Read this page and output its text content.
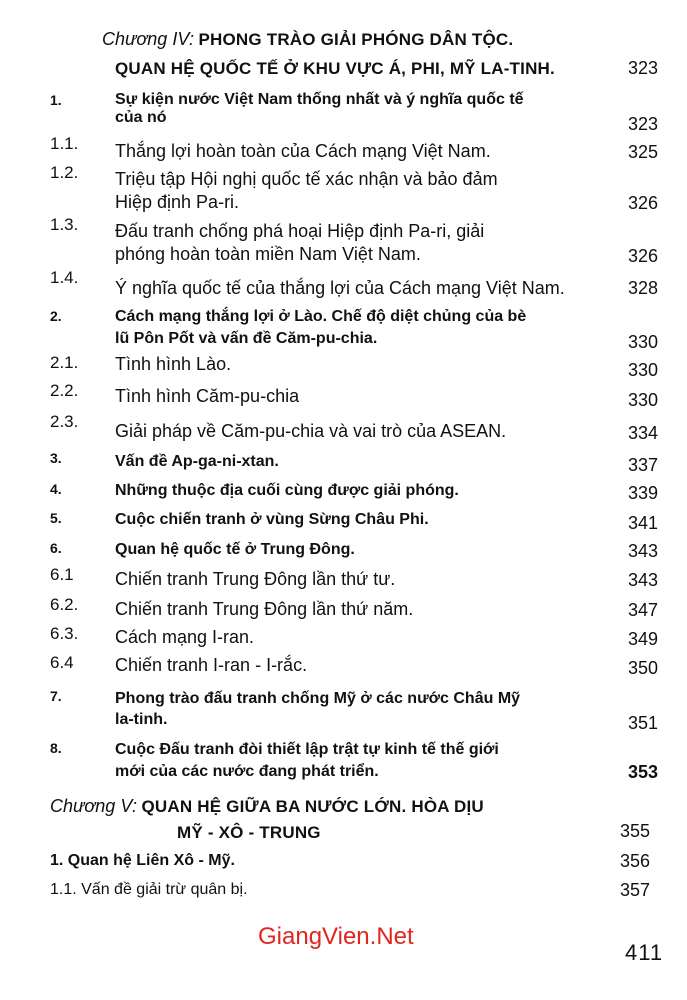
Chương IV: PHONG TRÀO GIẢI PHÓNG DÂN TỘC.
QUAN HỆ QUỐC TẾ Ở KHU VỰC Á, PHI, MỸ LA-TINH.	323
1.	Sự kiện nước Việt Nam thống nhất và ý nghĩa quốc tế
của nó	323
1.1. Thắng lợi hoàn toàn của Cách mạng Việt Nam.	325
1.2. Triệu tập Hội nghị quốc tế xác nhận và bảo đảm
Hiệp định Pa-ri.	326
1.3. Đấu tranh chống phá hoại Hiệp định Pa-ri, giải
phóng hoàn toàn miền Nam Việt Nam.	326
1.4.
Ý nghĩa quốc tế của thắng lợi của Cách mạng Việt Nam.	328
2.	Cách mạng thắng lợi ở Lào. Chế độ diệt chủng của bè
lũ Pôn Pốt và vấn đề Căm-pu-chia.	330
2.1. Tình hình Lào.	330
2.2. Tình hình Căm-pu-chia	330
2.3. Giải pháp về Căm-pu-chia và vai trò của ASEAN.	334
3.	Vấn đề Ap-ga-ni-xtan.	337
4.	Những thuộc địa cuối cùng được giải phóng.	339
5.	Cuộc chiến tranh ở vùng Sừng Châu Phi.	341
6.	Quan hệ quốc tế ở Trung Đông.	343
6.1 Chiến tranh Trung Đông lần thứ tư.	343
6.2. Chiến tranh Trung Đông lần thứ năm.	347
6.3. Cách mạng I-ran.	349
6.4 Chiến tranh I-ran - I-rắc.	350
7.	Phong trào đấu tranh chống Mỹ ở các nước Châu Mỹ
la-tinh.	351
8.	Cuộc Đấu tranh đòi thiết lập trật tự kinh tế thế giới
mới của các nước đang phát triển.	353
Chương V: QUAN HỆ GIỮA BA NƯỚC LỚN. HÒA DỊU
MỸ - XÔ - TRUNG	355
1. Quan hệ Liên Xô - Mỹ.	356
1.1. Vấn đề giải trừ quân bị.	357
GiangVien.Net
411
